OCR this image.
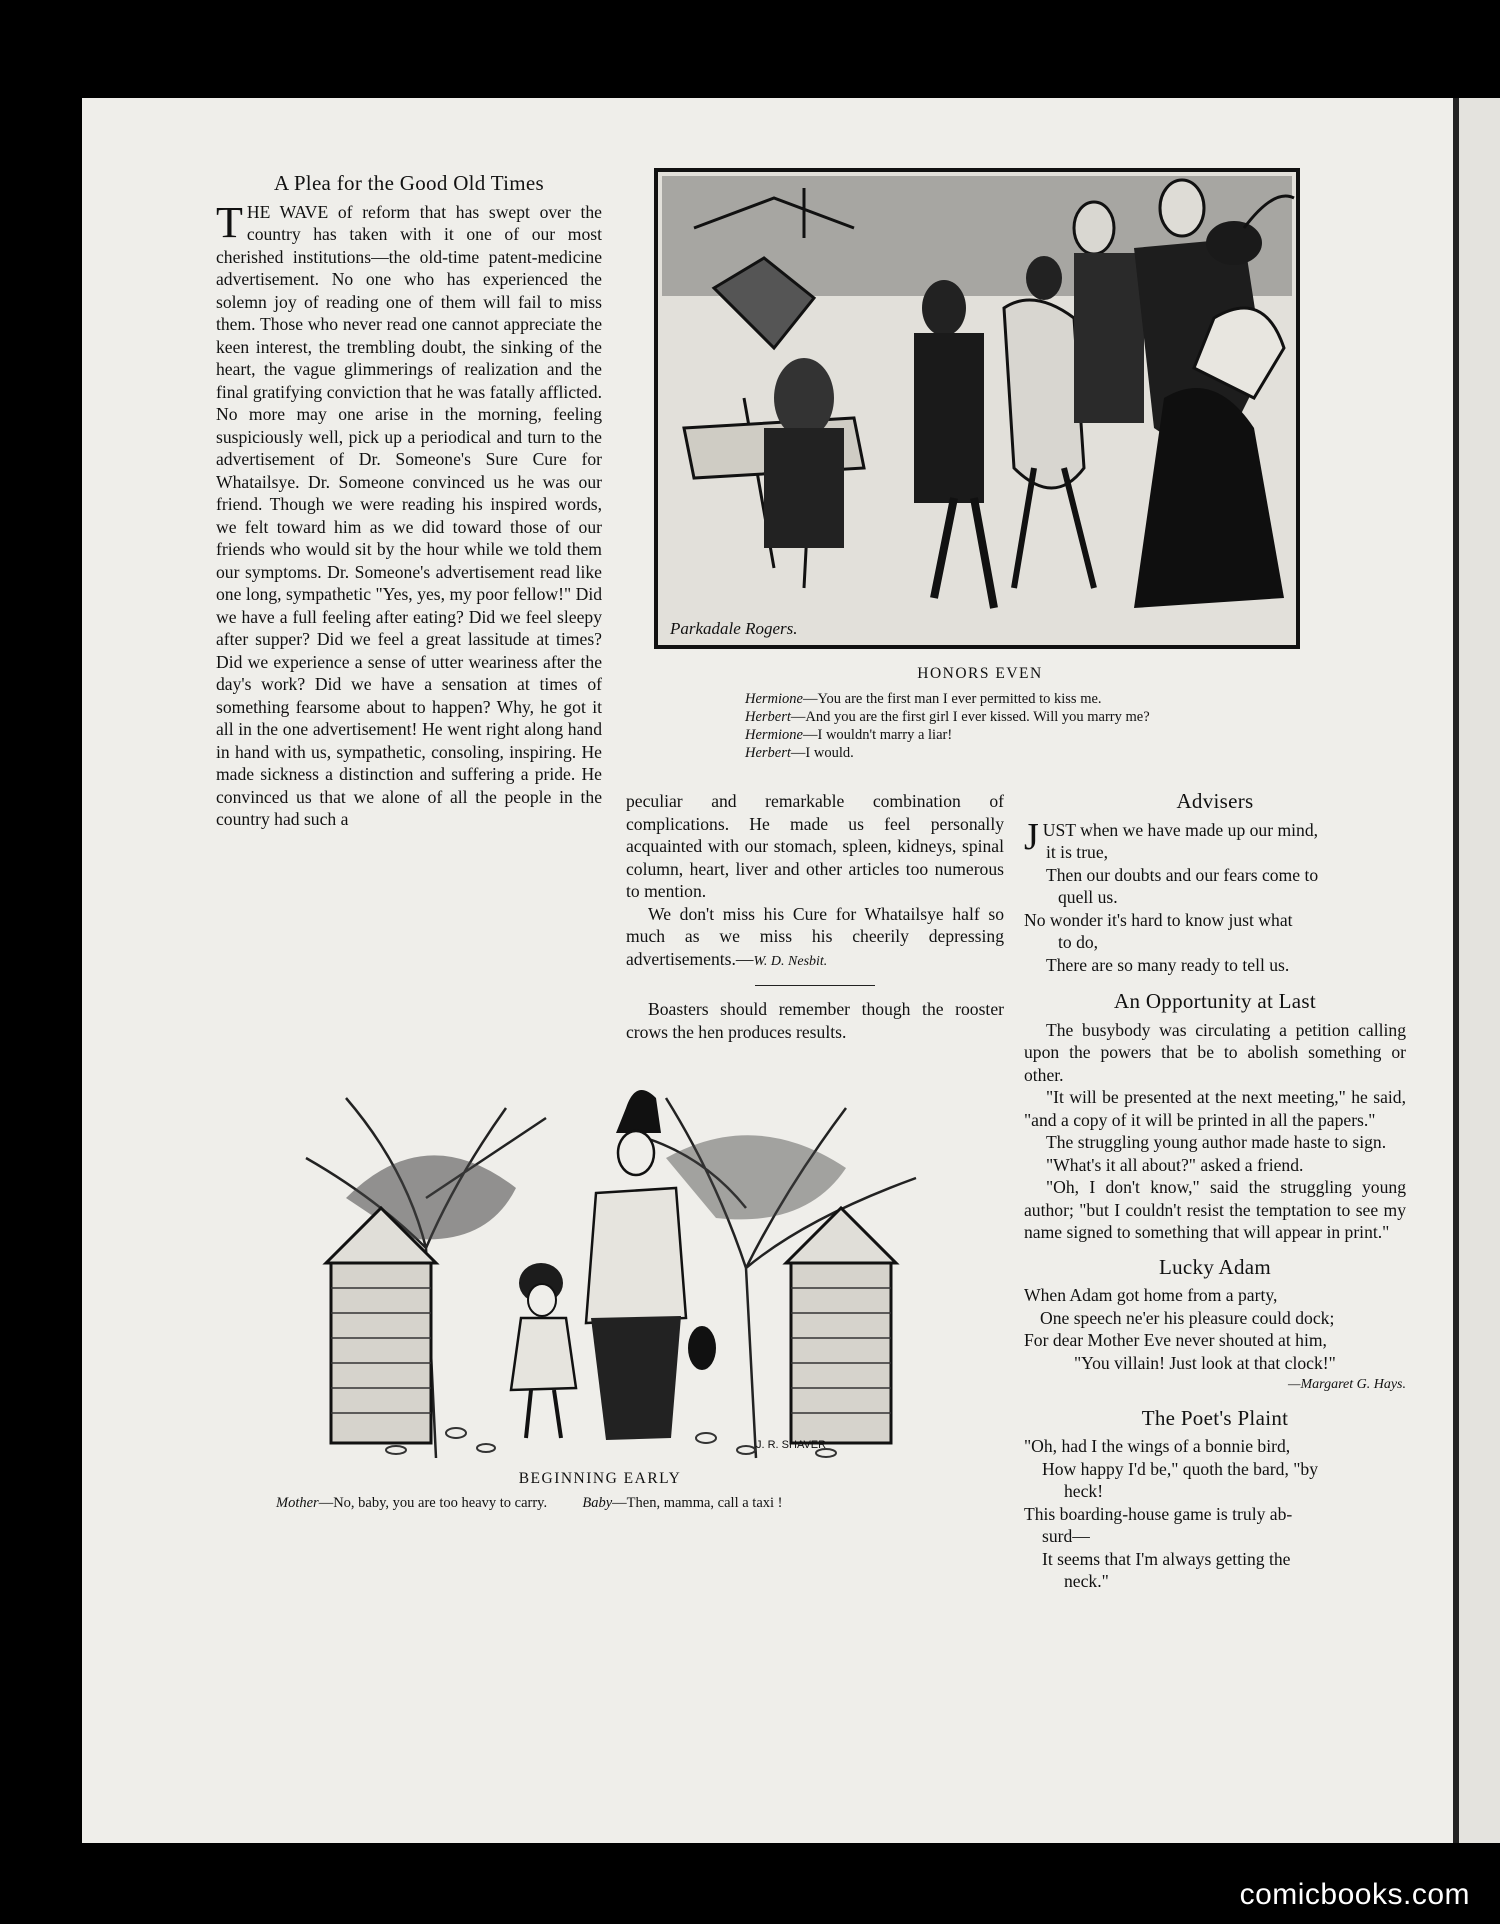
A Plea for the Good Old Times

THE WAVE of reform that has swept over the country has taken with it one of our most cherished institutions—the old-time patent-medicine advertisement. No one who has experienced the solemn joy of reading one of them will fail to miss them. Those who never read one cannot appreciate the keen interest, the trembling doubt, the sinking of the heart, the vague glimmerings of realization and the final gratifying conviction that he was fatally afflicted. No more may one arise in the morning, feeling suspiciously well, pick up a periodical and turn to the advertisement of Dr. Someone's Sure Cure for Whatailsye. Dr. Someone convinced us he was our friend. Though we were reading his inspired words, we felt toward him as we did toward those of our friends who would sit by the hour while we told them our symptoms. Dr. Someone's advertisement read like one long, sympathetic "Yes, yes, my poor fellow!" Did we have a full feeling after eating? Did we feel sleepy after supper? Did we feel a great lassitude at times? Did we experience a sense of utter weariness after the day's work? Did we have a sensation at times of something fearsome about to happen? Why, he got it all in the one advertisement! He went right along hand in hand with us, sympathetic, consoling, inspiring. He made sickness a distinction and suffering a pride. He convinced us that we alone of all the people in the country had such a

peculiar and remarkable combination of complications. He made us feel personally acquainted with our stomach, spleen, kidneys, spinal column, heart, liver and other articles too numerous to mention.

We don't miss his Cure for Whatailsye half so much as we miss his cheerily depressing advertisements.—W. D. Nesbit.

Boasters should remember though the rooster crows the hen produces results.

Parkadale Rogers.
HONORS EVEN
Hermione—You are the first man I ever permitted to kiss me.
Herbert—And you are the first girl I ever kissed. Will you marry me?
Hermione—I wouldn't marry a liar!
Herbert—I would.
Advisers

JUST when we have made up our mind,

it is true,

Then our doubts and our fears come to

quell us.

No wonder it's hard to know just what

to do,

There are so many ready to tell us.

An Opportunity at Last

The busybody was circulating a petition calling upon the powers that be to abolish something or other.

"It will be presented at the next meeting," he said, "and a copy of it will be printed in all the papers."

The struggling young author made haste to sign.

"What's it all about?" asked a friend.

"Oh, I don't know," said the struggling young author; "but I couldn't resist the temptation to see my name signed to something that will appear in print."

Lucky Adam

When Adam got home from a party,

One speech ne'er his pleasure could dock;

For dear Mother Eve never shouted at him,

"You villain! Just look at that clock!"

—Margaret G. Hays.

The Poet's Plaint

"Oh, had I the wings of a bonnie bird,

How happy I'd be," quoth the bard, "by

heck!

This boarding-house game is truly ab-

surd—

It seems that I'm always getting the

neck."

J. R. SHAVER
BEGINNING EARLY
Mother—No, baby, you are too heavy to carry. Baby—Then, mamma, call a taxi !
comicbooks.com
